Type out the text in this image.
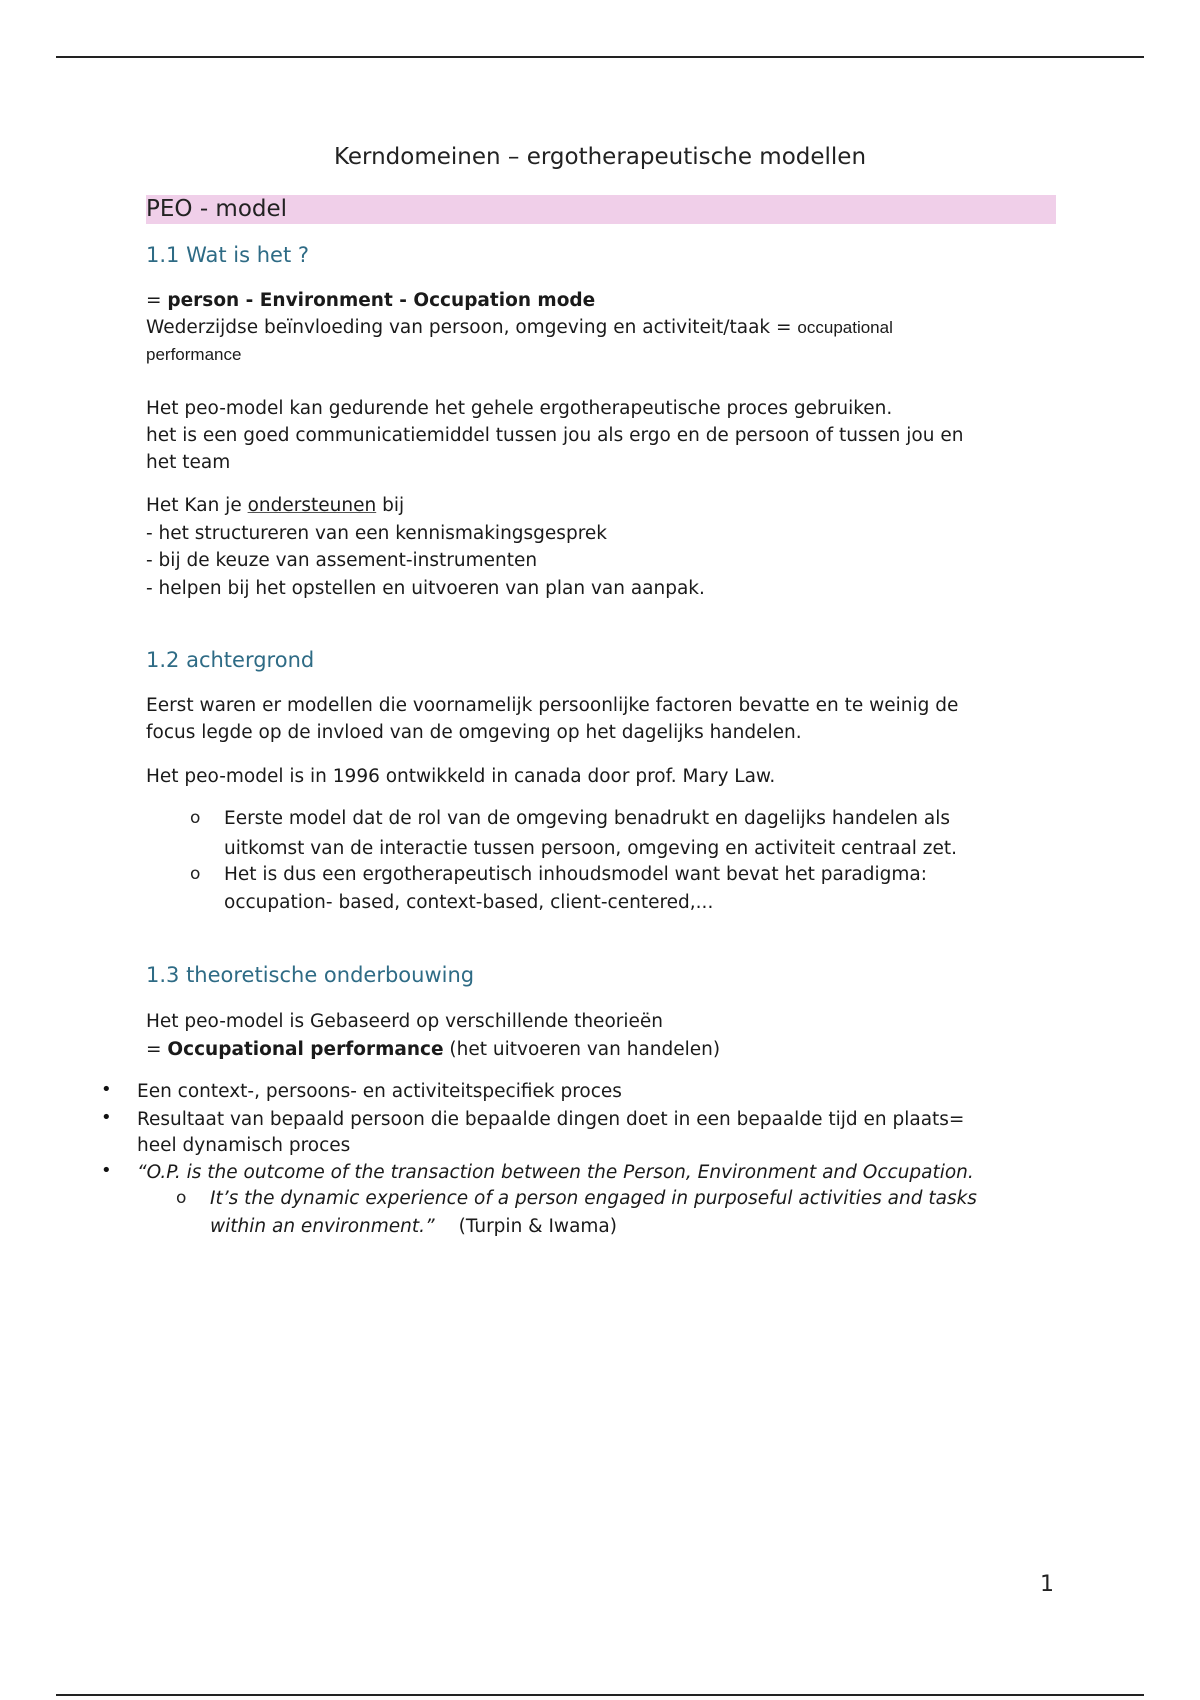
Kerndomeinen – ergotherapeutische modellen

PEO - model

1.1 Wat is het ?

= person - Environment - Occupation mode

Wederzijdse beïnvloeding van persoon, omgeving en activiteit/taak = occupational

performance

Het peo-model kan gedurende het gehele ergotherapeutische proces gebruiken.

het is een goed communicatiemiddel tussen jou als ergo en de persoon of tussen jou en

het team

Het Kan je ondersteunen bij

- het structureren van een kennismakingsgesprek

- bij de keuze van assement-instrumenten

- helpen bij het opstellen en uitvoeren van plan van aanpak.

1.2 achtergrond

Eerst waren er modellen die voornamelijk persoonlijke factoren bevatte en te weinig de

focus legde op de invloed van de omgeving op het dagelijks handelen.

Het peo-model is in 1996 ontwikkeld in canada door prof. Mary Law.

o Eerste model dat de rol van de omgeving benadrukt en dagelijks handelen als

uitkomst van de interactie tussen persoon, omgeving en activiteit centraal zet.

o Het is dus een ergotherapeutisch inhoudsmodel want bevat het paradigma:

occupation- based, context-based, client-centered,...

1.3 theoretische onderbouwing

Het peo-model is Gebaseerd op verschillende theorieën

= Occupational performance (het uitvoeren van handelen)

• Een context-, persoons- en activiteitspecifiek proces

• Resultaat van bepaald persoon die bepaalde dingen doet in een bepaalde tijd en plaats=

heel dynamisch proces

• “O.P. is the outcome of the transaction between the Person, Environment and Occupation.

o It’s the dynamic experience of a person engaged in purposeful activities and tasks

within an environment.” (Turpin & Iwama)

1
